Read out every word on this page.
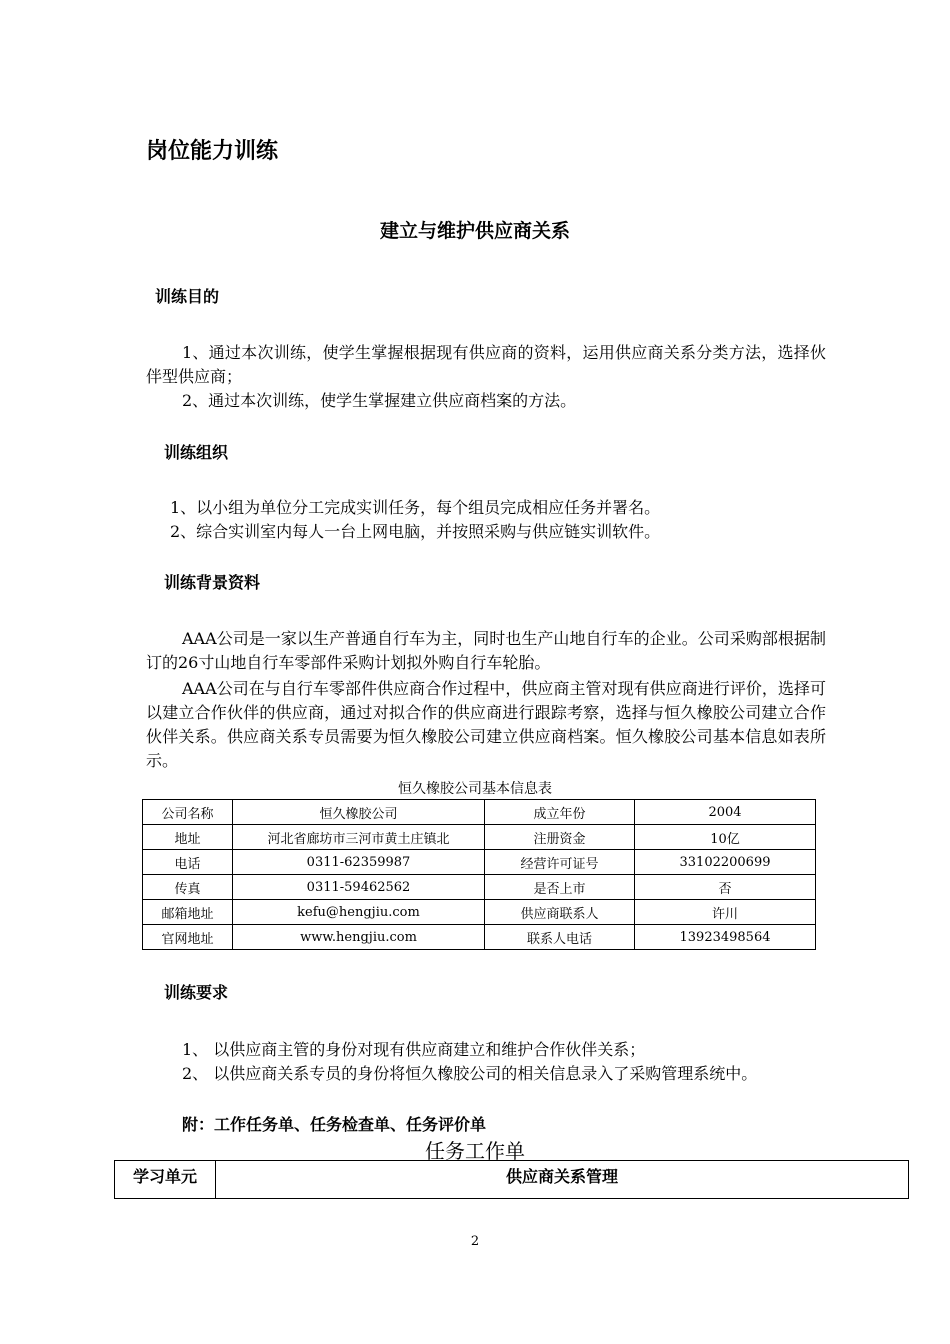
岗位能力训练
建立与维护供应商关系
训练目的
1、通过本次训练，使学生掌握根据现有供应商的资料，运用供应商关系分类方法，选择伙伴型供应商；
2、通过本次训练，使学生掌握建立供应商档案的方法。
训练组织
1、以小组为单位分工完成实训任务，每个组员完成相应任务并署名。
2、综合实训室内每人一台上网电脑，并按照采购与供应链实训软件。
训练背景资料
AAA公司是一家以生产普通自行车为主，同时也生产山地自行车的企业。公司采购部根据制订的26寸山地自行车零部件采购计划拟外购自行车轮胎。
AAA公司在与自行车零部件供应商合作过程中，供应商主管对现有供应商进行评价，选择可以建立合作伙伴的供应商，通过对拟合作的供应商进行跟踪考察，选择与恒久橡胶公司建立合作伙伴关系。供应商关系专员需要为恒久橡胶公司建立供应商档案。恒久橡胶公司基本信息如表所示。
恒久橡胶公司基本信息表
公司名称	恒久橡胶公司	成立年份	2004
地址	河北省廊坊市三河市黄土庄镇北	注册资金	10亿
电话	0311-62359987	经营许可证号	33102200699
传真	0311-59462562	是否上市	否
邮箱地址	kefu@hengjiu.com	供应商联系人	许川
官网地址	www.hengjiu.com	联系人电话	13923498564
训练要求
1、 以供应商主管的身份对现有供应商建立和维护合作伙伴关系；
2、 以供应商关系专员的身份将恒久橡胶公司的相关信息录入了采购管理系统中。
附：工作任务单、任务检查单、任务评价单
任务工作单
学习单元	供应商关系管理
2
